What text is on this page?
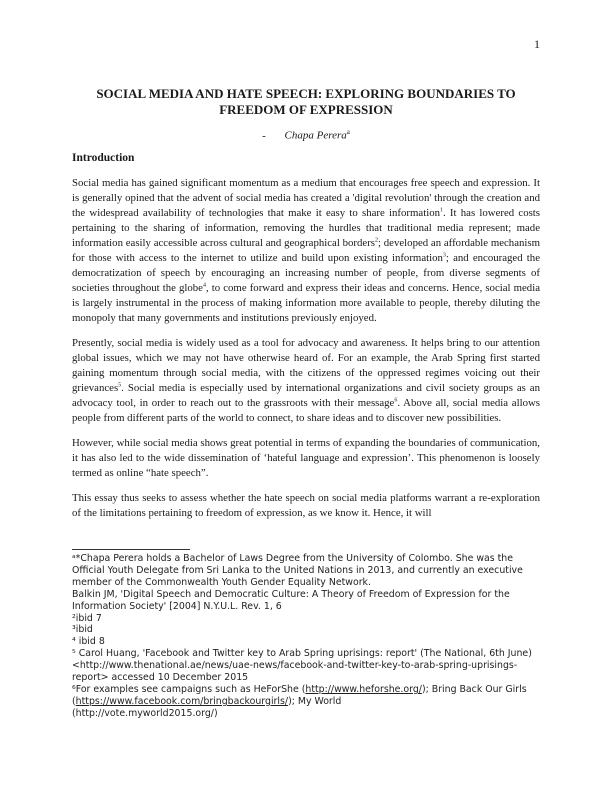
1
SOCIAL MEDIA AND HATE SPEECH: EXPLORING BOUNDARIES TO FREEDOM OF EXPRESSION
- Chapa Perera$^a$
Introduction

Social media has gained significant momentum as a medium that encourages free speech and expression. It is generally opined that the advent of social media has created a 'digital revolution' through the creation and the widespread availability of technologies that make it easy to share information$^1$. It has lowered costs pertaining to the sharing of information, removing the hurdles that traditional media represent; made information easily accessible across cultural and geographical borders$^2$; developed an affordable mechanism for those with access to the internet to utilize and build upon existing information$^3$; and encouraged the democratization of speech by encouraging an increasing number of people, from diverse segments of societies throughout the globe$^4$, to come forward and express their ideas and concerns. Hence, social media is largely instrumental in the process of making information more available to people, thereby diluting the monopoly that many governments and institutions previously enjoyed.

Presently, social media is widely used as a tool for advocacy and awareness. It helps bring to our attention global issues, which we may not have otherwise heard of. For an example, the Arab Spring first started gaining momentum through social media, with the citizens of the oppressed regimes voicing out their grievances$^5$. Social media is especially used by international organizations and civil society groups as an advocacy tool, in order to reach out to the grassroots with their message$^6$. Above all, social media allows people from different parts of the world to connect, to share ideas and to discover new possibilities.

However, while social media shows great potential in terms of expanding the boundaries of communication, it has also led to the wide dissemination of ‘hateful language and expression’. This phenomenon is loosely termed as online “hate speech”.

This essay thus seeks to assess whether the hate speech on social media platforms warrant a re-exploration of the limitations pertaining to freedom of expression, as we know it. Hence, it will

ᵃ*Chapa Perera holds a Bachelor of Laws Degree from the University of Colombo. She was the Official Youth Delegate from Sri Lanka to the United Nations in 2013, and currently an executive member of the Commonwealth Youth Gender Equality Network.

Balkin JM, 'Digital Speech and Democratic Culture: A Theory of Freedom of Expression for the Information Society' [2004] N.Y.U.L. Rev. 1, 6

²ibid 7

³ibid

⁴ ibid 8

⁵ Carol Huang, 'Facebook and Twitter key to Arab Spring uprisings: report' (The National, 6th June) <http://www.thenational.ae/news/uae-news/facebook-and-twitter-key-to-arab-spring-uprisings-report> accessed 10 December 2015

⁶For examples see campaigns such as HeForShe (http://www.heforshe.org/); Bring Back Our Girls (https://www.facebook.com/bringbackourgirls/); My World

(http://vote.myworld2015.org/)
